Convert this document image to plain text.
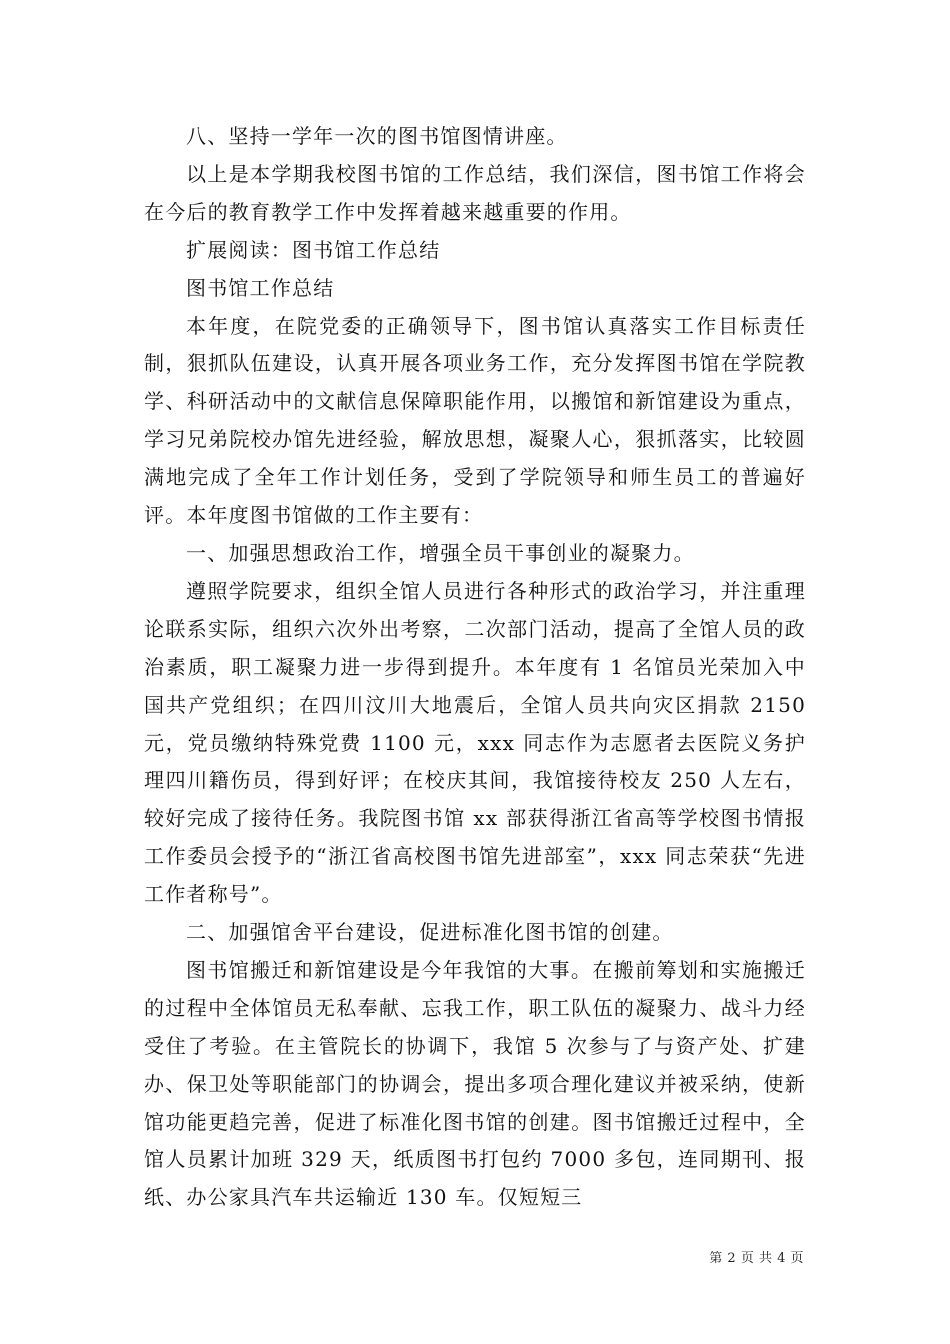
八、坚持一学年一次的图书馆图情讲座。

以上是本学期我校图书馆的工作总结，我们深信，图书馆工作将会在今后的教育教学工作中发挥着越来越重要的作用。

扩展阅读：图书馆工作总结

图书馆工作总结

本年度，在院党委的正确领导下，图书馆认真落实工作目标责任制，狠抓队伍建设，认真开展各项业务工作，充分发挥图书馆在学院教学、科研活动中的文献信息保障职能作用，以搬馆和新馆建设为重点，学习兄弟院校办馆先进经验，解放思想，凝聚人心，狠抓落实，比较圆满地完成了全年工作计划任务，受到了学院领导和师生员工的普遍好评。本年度图书馆做的工作主要有：

一、加强思想政治工作，增强全员干事创业的凝聚力。

遵照学院要求，组织全馆人员进行各种形式的政治学习，并注重理论联系实际，组织六次外出考察，二次部门活动，提高了全馆人员的政治素质，职工凝聚力进一步得到提升。本年度有 1 名馆员光荣加入中国共产党组织；在四川汶川大地震后，全馆人员共向灾区捐款 2150 元，党员缴纳特殊党费 1100 元，xxx 同志作为志愿者去医院义务护理四川籍伤员，得到好评；在校庆其间，我馆接待校友 250 人左右，较好完成了接待任务。我院图书馆 xx 部获得浙江省高等学校图书情报工作委员会授予的“浙江省高校图书馆先进部室”，xxx 同志荣获“先进工作者称号”。

二、加强馆舍平台建设，促进标准化图书馆的创建。

图书馆搬迁和新馆建设是今年我馆的大事。在搬前筹划和实施搬迁的过程中全体馆员无私奉献、忘我工作，职工队伍的凝聚力、战斗力经受住了考验。在主管院长的协调下，我馆 5 次参与了与资产处、扩建办、保卫处等职能部门的协调会，提出多项合理化建议并被采纳，使新馆功能更趋完善，促进了标准化图书馆的创建。图书馆搬迁过程中，全馆人员累计加班 329 天，纸质图书打包约 7000 多包，连同期刊、报纸、办公家具汽车共运输近 130 车。仅短短三

第 2 页 共 4 页
